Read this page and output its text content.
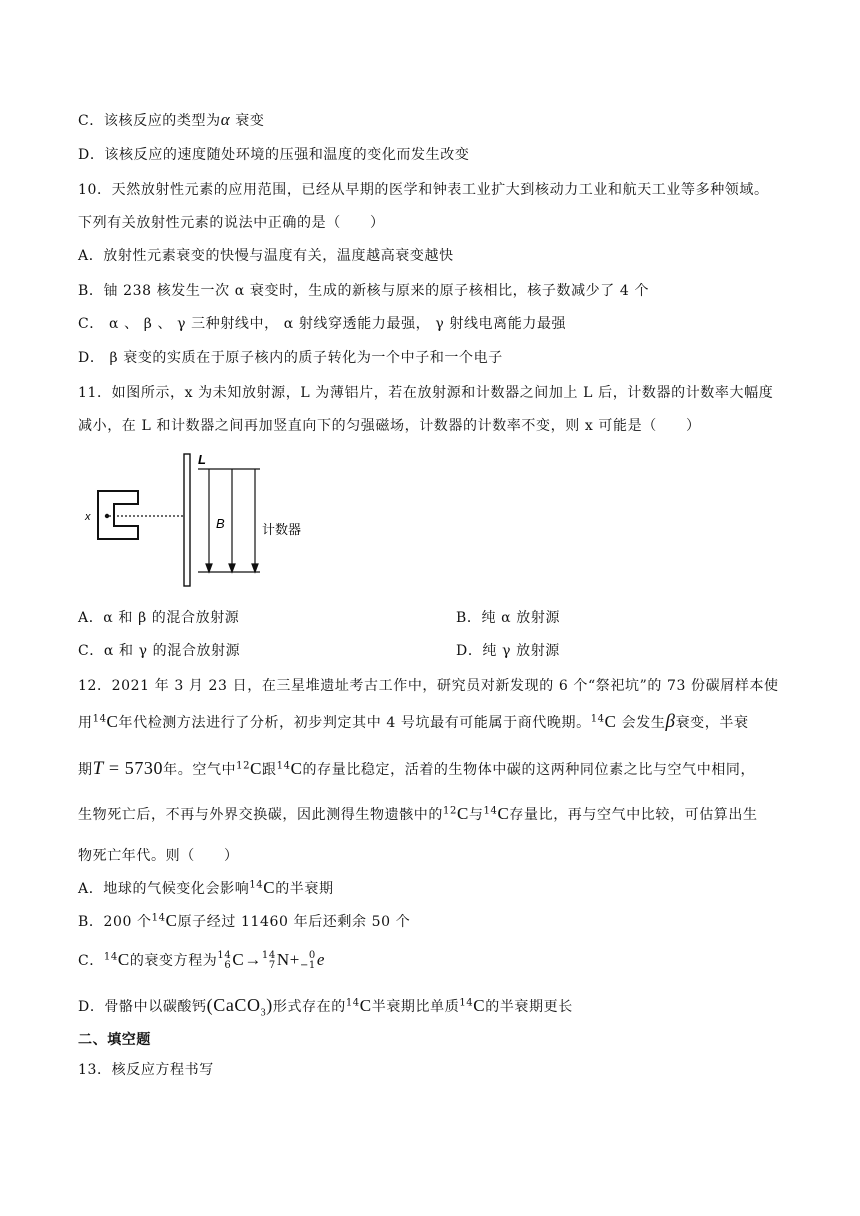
C．该核反应的类型为α 衰变
D．该核反应的速度随处环境的压强和温度的变化而发生改变
10．天然放射性元素的应用范围，已经从早期的医学和钟表工业扩大到核动力工业和航天工业等多种领域。
下列有关放射性元素的说法中正确的是（　　）
A．放射性元素衰变的快慢与温度有关，温度越高衰变越快
B．铀 238 核发生一次 α 衰变时，生成的新核与原来的原子核相比，核子数减少了 4 个
C． α 、 β 、 γ 三种射线中， α 射线穿透能力最强， γ 射线电离能力最强
D． β 衰变的实质在于原子核内的质子转化为一个中子和一个电子
11．如图所示，x 为未知放射源，L 为薄铝片，若在放射源和计数器之间加上 L 后，计数器的计数率大幅度
减小，在 L 和计数器之间再加竖直向下的匀强磁场，计数器的计数率不变，则 x 可能是（　　）
x
L
B	计数器
A．α 和 β 的混合放射源	B．纯 α 放射源
C．α 和 γ 的混合放射源	D．纯 γ 放射源
12．2021 年 3 月 23 日，在三星堆遗址考古工作中，研究员对新发现的 6 个“祭祀坑”的 73 份碳屑样本使
用$^{14}$C年代检测方法进行了分析，初步判定其中 4 号坑最有可能属于商代晚期。$^{14}$C 会发生β衰变，半衰
期T = 5730年。空气中$^{12}$C跟$^{14}$C的存量比稳定，活着的生物体中碳的这两种同位素之比与空气中相同，
生物死亡后，不再与外界交换碳，因此测得生物遗骸中的$^{12}$C与$^{14}$C存量比，再与空气中比较，可估算出生
物死亡年代。则（　　）
A．地球的气候变化会影响$^{14}$C的半衰期
B．200 个$^{14}$C原子经过 11460 年后还剩余 50 个
C．$^{14}$C的衰变方程为 14
6 C→ 14
7 N+ 0
−1 e
D．骨骼中以碳酸钙(CaCO$_3$)形式存在的$^{14}$C半衰期比单质$^{14}$C的半衰期更长
二、填空题
13．核反应方程书写
